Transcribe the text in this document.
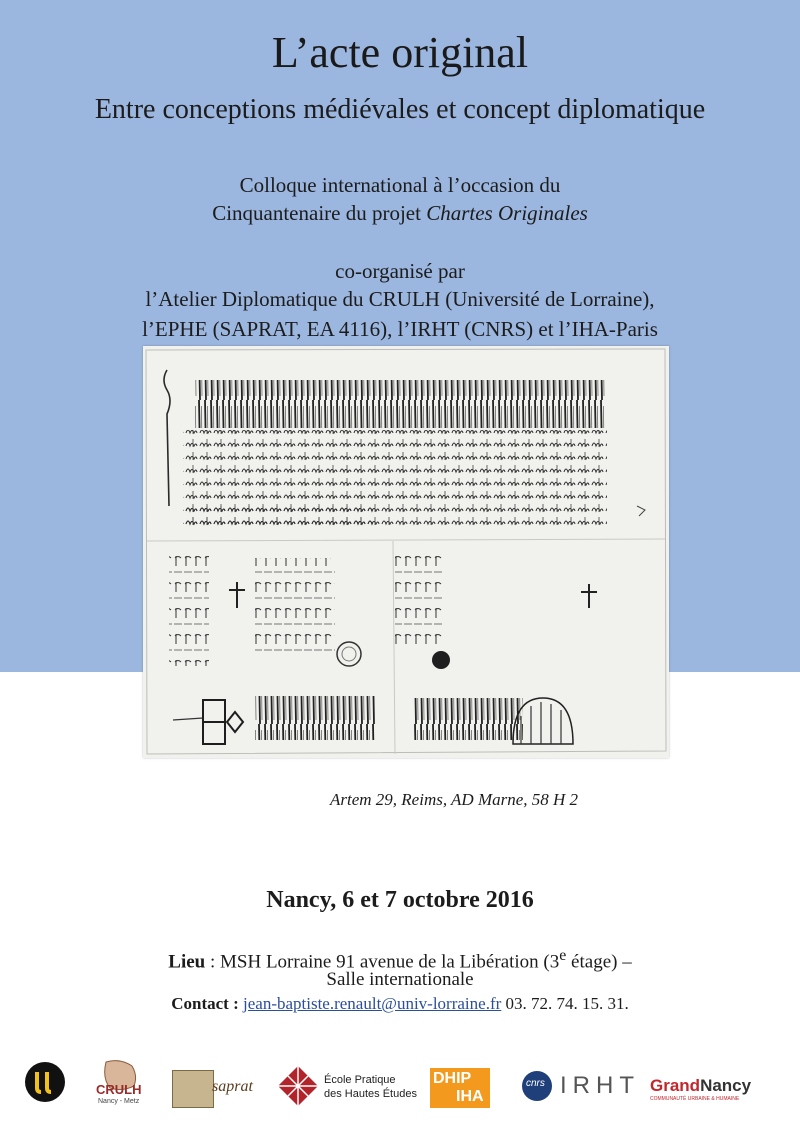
L’acte original
Entre conceptions médiévales et concept diplomatique
Colloque international à l’occasion du
Cinquantenaire du projet Chartes Originales
co-organisé par
l’Atelier Diplomatique du CRULH (Université de Lorraine),
l’EPHE (SAPRAT, EA 4116), l’IRHT (CNRS) et l’IHA-Paris
Artem 29, Reims, AD Marne, 58 H 2
Nancy, 6 et 7 octobre 2016
Lieu : MSH Lorraine 91 avenue de la Libération (3e étage) –
Salle internationale
Contact : jean-baptiste.renault@univ-lorraine.fr 03. 72. 74. 15. 31.
CRULH
Nancy - Metz
saprat	École Pratique
des Hautes Études
DHIP
IHA
cnrs IRHT GrandNancy
COMMUNAUTÉ URBAINE & HUMAINE
